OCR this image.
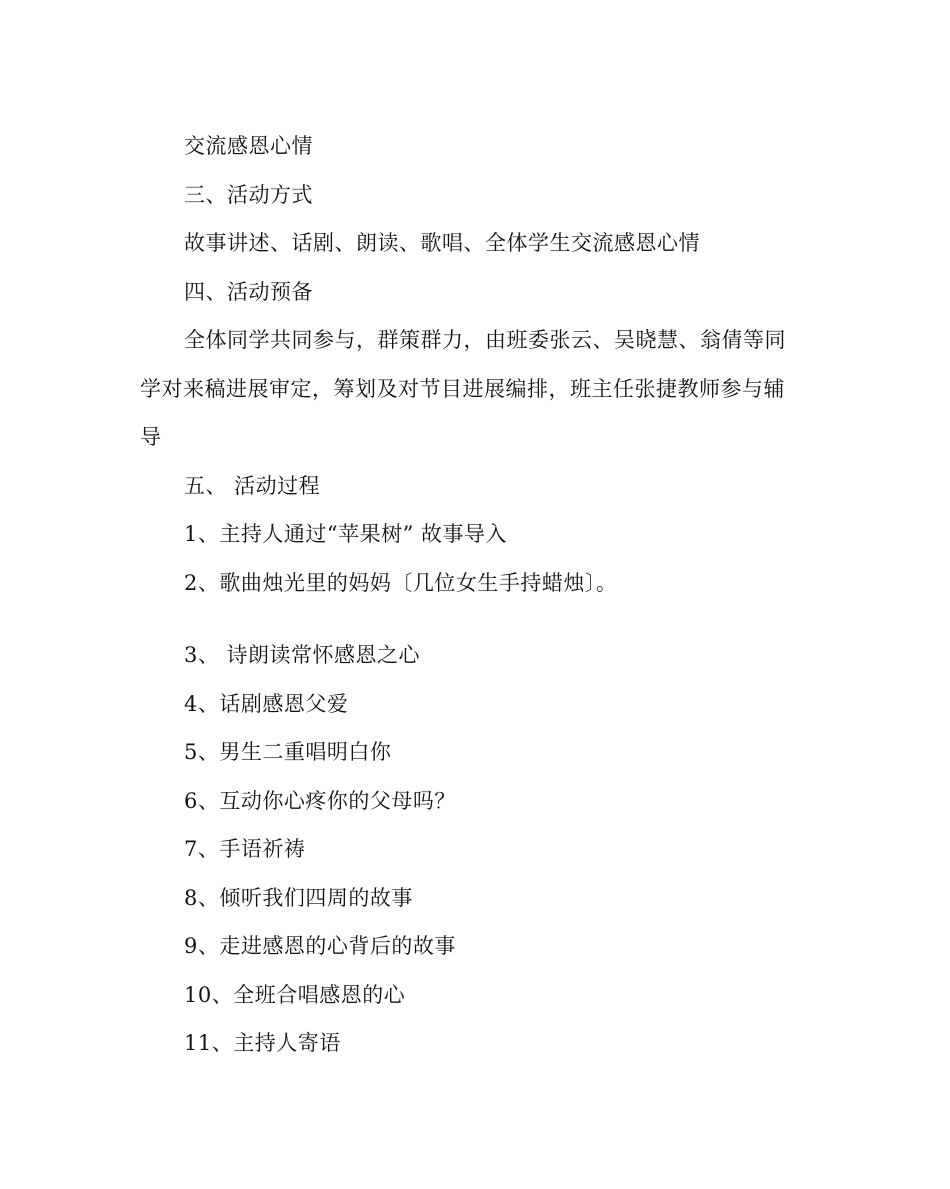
交流感恩心情
三、活动方式
故事讲述、话剧、朗读、歌唱、全体学生交流感恩心情
四、活动预备
全体同学共同参与，群策群力，由班委张云、吴晓慧、翁倩等同
学对来稿进展审定，筹划及对节目进展编排，班主任张捷教师参与辅
导
五、 活动过程
1、主持人通过“苹果树” 故事导入
2、歌曲烛光里的妈妈〔几位女生手持蜡烛〕。
3、 诗朗读常怀感恩之心
4、话剧感恩父爱
5、男生二重唱明白你
6、互动你心疼你的父母吗？
7、手语祈祷
8、倾听我们四周的故事
9、走进感恩的心背后的故事
10、全班合唱感恩的心
11、主持人寄语
